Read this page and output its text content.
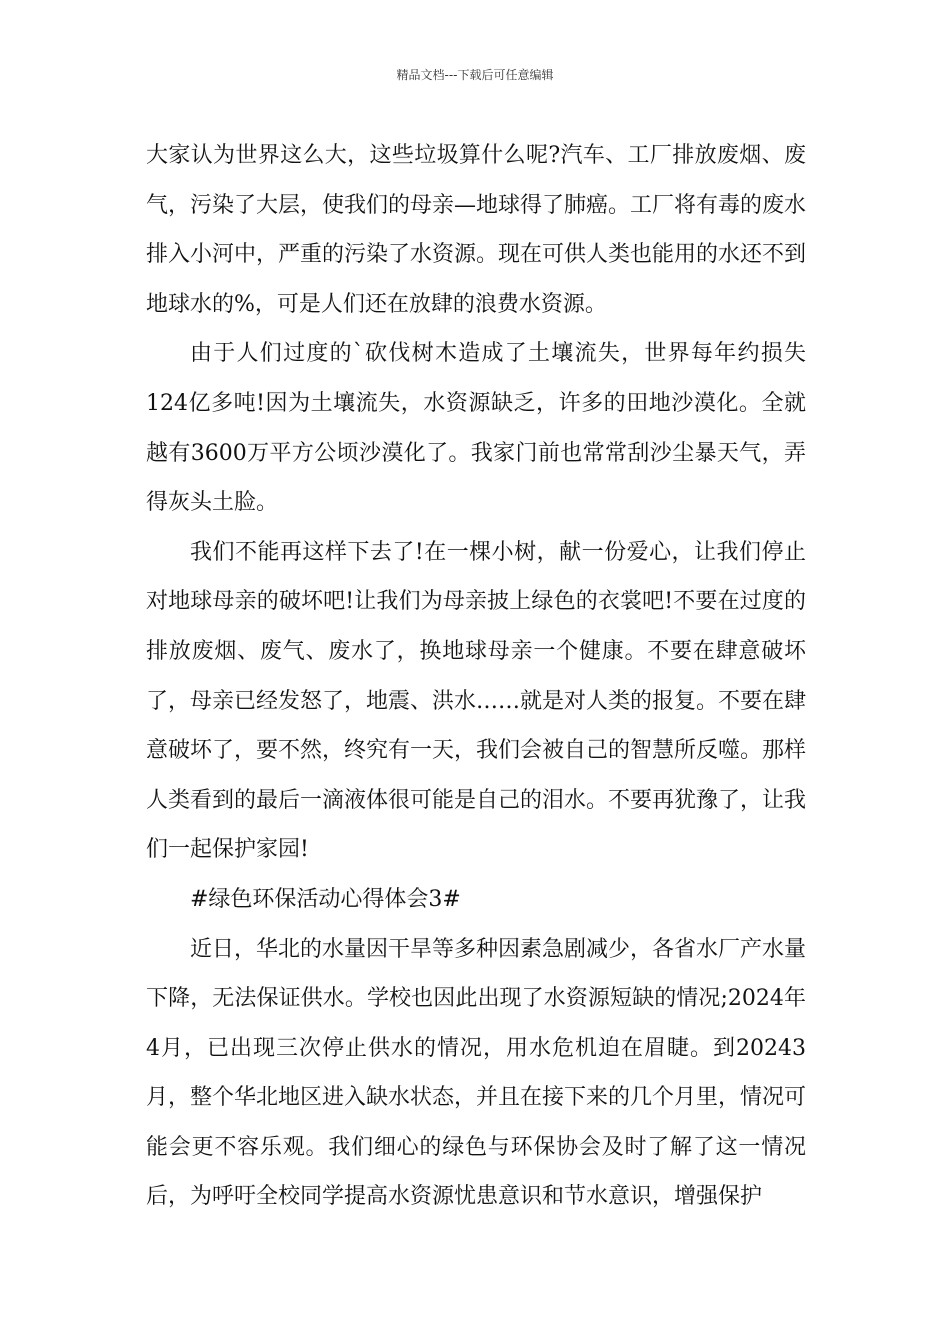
精品文档---下载后可任意编辑

大家认为世界这么大，这些垃圾算什么呢?汽车、工厂排放废烟、废气，污染了大层，使我们的母亲—地球得了肺癌。工厂将有毒的废水排入小河中，严重的污染了水资源。现在可供人类也能用的水还不到地球水的%，可是人们还在放肆的浪费水资源。

由于人们过度的`砍伐树木造成了土壤流失，世界每年约损失124亿多吨!因为土壤流失，水资源缺乏，许多的田地沙漠化。全就越有3600万平方公顷沙漠化了。我家门前也常常刮沙尘暴天气，弄得灰头土脸。

我们不能再这样下去了!在一棵小树，献一份爱心，让我们停止对地球母亲的破坏吧!让我们为母亲披上绿色的衣裳吧!不要在过度的排放废烟、废气、废水了，换地球母亲一个健康。不要在肆意破坏了，母亲已经发怒了，地震、洪水……就是对人类的报复。不要在肆意破坏了，要不然，终究有一天，我们会被自己的智慧所反噬。那样人类看到的最后一滴液体很可能是自己的泪水。不要再犹豫了，让我们一起保护家园!

#绿色环保活动心得体会3#

近日，华北的水量因干旱等多种因素急剧减少，各省水厂产水量下降，无法保证供水。学校也因此出现了水资源短缺的情况;2024年4月，已出现三次停止供水的情况，用水危机迫在眉睫。到20243月，整个华北地区进入缺水状态，并且在接下来的几个月里，情况可能会更不容乐观。我们细心的绿色与环保协会及时了解了这一情况后，为呼吁全校同学提高水资源忧患意识和节水意识，增强保护
